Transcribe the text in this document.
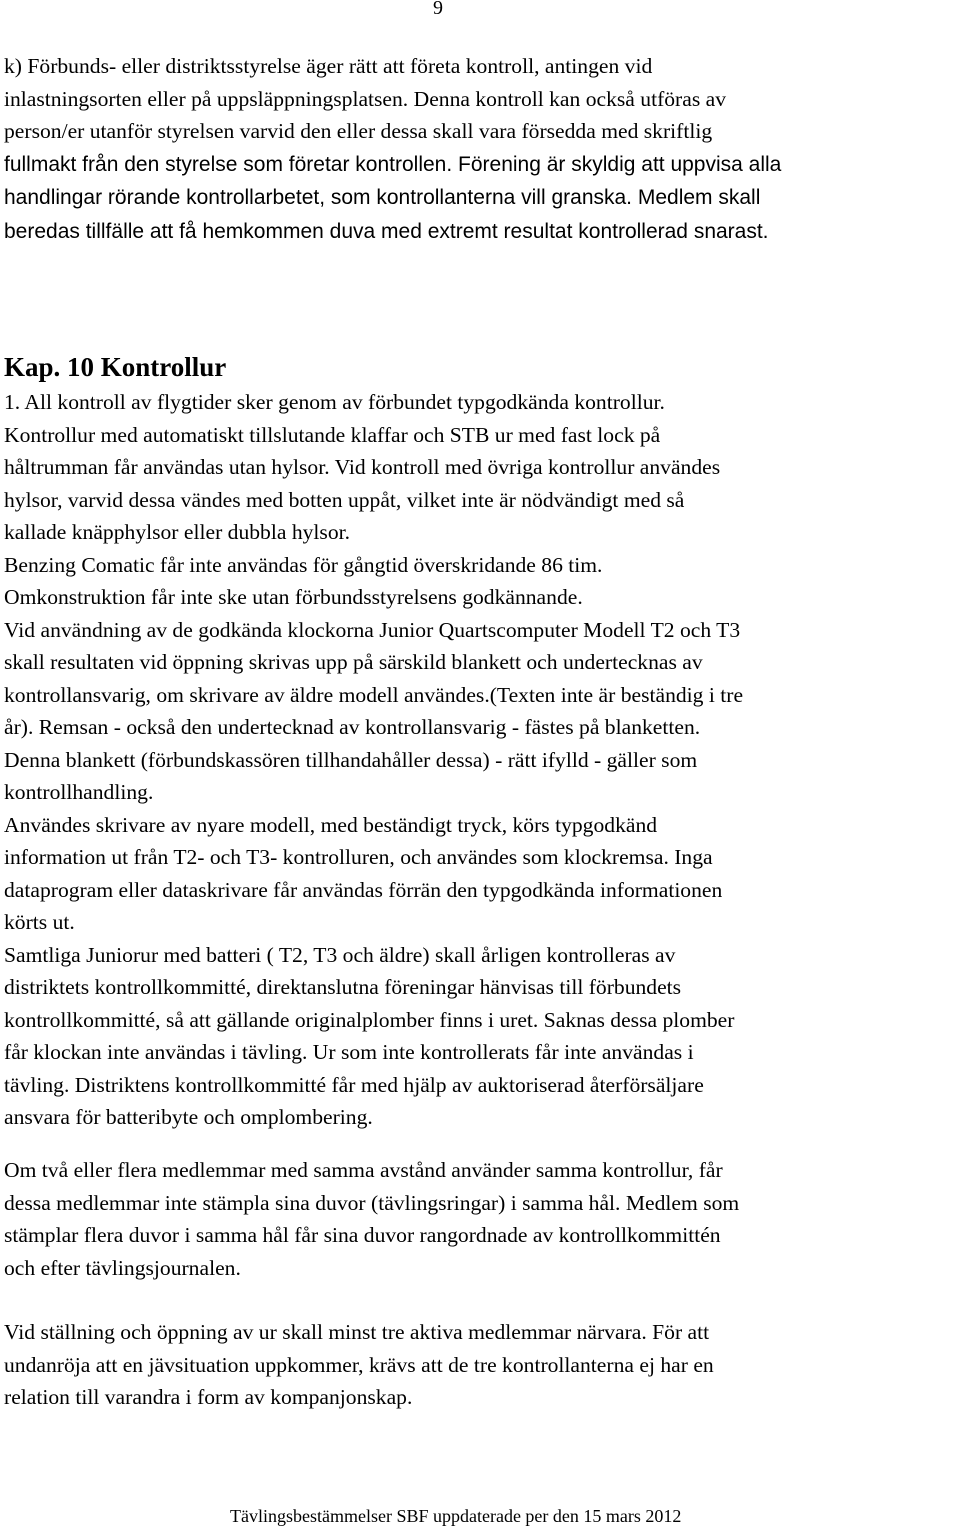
9

k) Förbunds- eller distriktsstyrelse äger rätt att företa kontroll, antingen vid
inlastningsorten eller på uppsläppningsplatsen. Denna kontroll kan också utföras av
person/er utanför styrelsen varvid den eller dessa skall vara försedda med skriftlig
fullmakt från den styrelse som företar kontrollen. Förening är skyldig att uppvisa alla
handlingar rörande kontrollarbetet, som kontrollanterna vill granska. Medlem skall
beredas tillfälle att få hemkommen duva med extremt resultat kontrollerad snarast.

Kap. 10 Kontrollur

1. All kontroll av flygtider sker genom av förbundet typgodkända kontrollur.
Kontrollur med automatiskt tillslutande klaffar och STB ur med fast lock på
håltrumman får användas utan hylsor. Vid kontroll med övriga kontrollur användes
hylsor, varvid dessa vändes med botten uppåt, vilket inte är nödvändigt med så
kallade knäpphylsor eller dubbla hylsor.
Benzing Comatic får inte användas för gångtid överskridande 86 tim.
Omkonstruktion får inte ske utan förbundsstyrelsens godkännande.
Vid användning av de godkända klockorna Junior Quartscomputer Modell T2 och T3
skall resultaten vid öppning skrivas upp på särskild blankett och undertecknas av
kontrollansvarig, om skrivare av äldre modell användes.(Texten inte är beständig i tre
år). Remsan - också den undertecknad av kontrollansvarig - fästes på blanketten.
Denna blankett (förbundskassören tillhandahåller dessa) - rätt ifylld - gäller som
kontrollhandling.
Användes skrivare av nyare modell, med beständigt tryck, körs typgodkänd
information ut från T2- och T3- kontrolluren, och användes som klockremsa. Inga
dataprogram eller dataskrivare får användas förrän den typgodkända informationen
körts ut.
Samtliga Juniorur med batteri ( T2, T3 och äldre) skall årligen kontrolleras av
distriktets kontrollkommitté, direktanslutna föreningar hänvisas till förbundets
kontrollkommitté, så att gällande originalplomber finns i uret. Saknas dessa plomber
får klockan inte användas i tävling. Ur som inte kontrollerats får inte användas i
tävling. Distriktens kontrollkommitté får med hjälp av auktoriserad återförsäljare
ansvara för batteribyte och omplombering.

Om två eller flera medlemmar med samma avstånd använder samma kontrollur, får
dessa medlemmar inte stämpla sina duvor (tävlingsringar) i samma hål. Medlem som
stämplar flera duvor i samma hål får sina duvor rangordnade av kontrollkommittén
och efter tävlingsjournalen.

Vid ställning och öppning av ur skall minst tre aktiva medlemmar närvara. För att
undanröja att en jävsituation uppkommer, krävs att de tre kontrollanterna ej har en
relation till varandra i form av kompanjonskap.

Tävlingsbestämmelser SBF uppdaterade per den 15 mars 2012
